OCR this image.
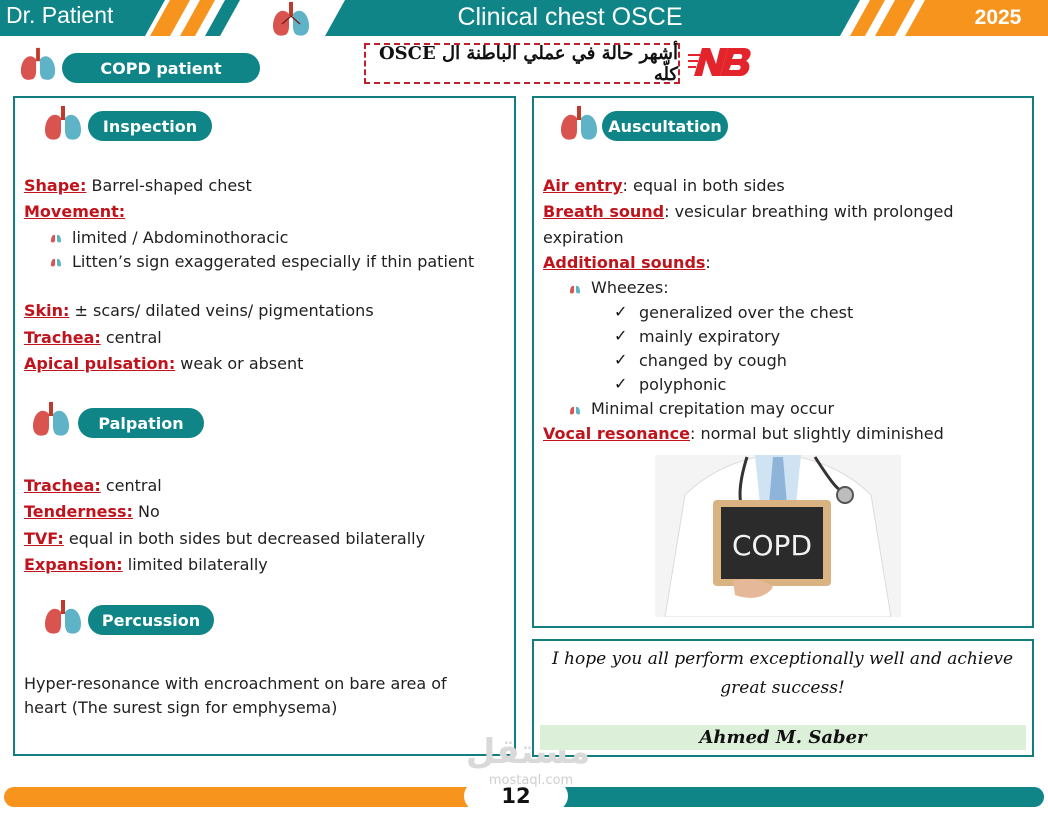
Dr. Patient	Clinical chest OSCE	2025
COPD patient
أشهر حالة في عملي الباطنة ال OSCE كلّه
Inspection
Shape: Barrel-shaped chest
Movement:
limited / Abdominothoracic
Litten’s sign exaggerated especially if thin patient
Skin: ± scars/ dilated veins/ pigmentations
Trachea: central
Apical pulsation: weak or absent
Palpation
Trachea: central
Tenderness: No
TVF: equal in both sides but decreased bilaterally
Expansion: limited bilaterally
Percussion
Hyper-resonance with encroachment on bare area of
heart (The surest sign for emphysema)
Auscultation
Air entry: equal in both sides
Breath sound: vesicular breathing with prolonged
expiration
Additional sounds:
Wheezes:
✓ generalized over the chest
✓ mainly expiratory
✓ changed by cough
✓ polyphonic
Minimal crepitation may occur
Vocal resonance: normal but slightly diminished
COPD
I hope you all perform exceptionally well and achieve
great success!
Ahmed M. Saber
مستقل
12
mostaql.com
